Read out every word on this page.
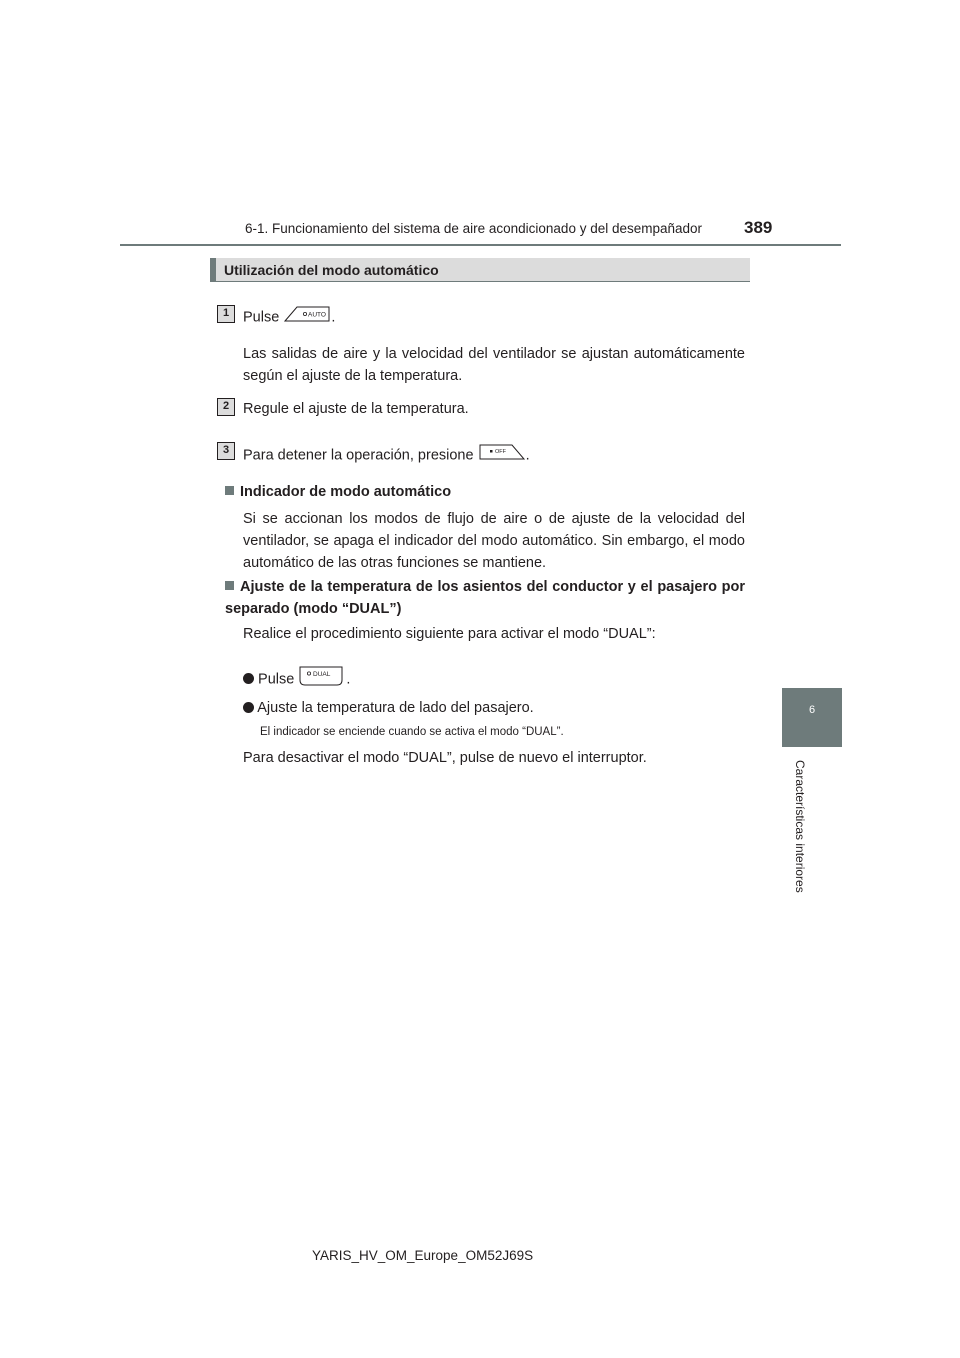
6-1. Funcionamiento del sistema de aire acondicionado y del desempañador 389
6
Características interiores
Utilización del modo automático
1 Pulse	AUTO .
Las salidas de aire y la velocidad del ventilador se ajustan automáticamente según el ajuste de la temperatura.
2 Regule el ajuste de la temperatura.
3 Para detener la operación, presione	OFF .
Indicador de modo automático
Si se accionan los modos de flujo de aire o de ajuste de la velocidad del ventilador, se apaga el indicador del modo automático. Sin embargo, el modo automático de las otras funciones se mantiene.
Ajuste de la temperatura de los asientos del conductor y el pasajero por separado (modo “DUAL”)
Realice el procedimiento siguiente para activar el modo “DUAL”:
Pulse	DUAL .
Ajuste la temperatura de lado del pasajero.
El indicador se enciende cuando se activa el modo “DUAL”.
Para desactivar el modo “DUAL”, pulse de nuevo el interruptor.
YARIS_HV_OM_Europe_OM52J69S
